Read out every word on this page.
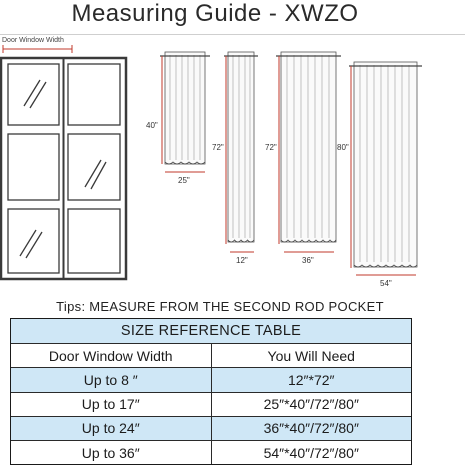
Measuring Guide - XWZO
Door Window Width
40"
25"
72"
12"
72"
36"
80"
54"
Tips: MEASURE FROM THE SECOND ROD POCKET
SIZE REFERENCE TABLE
Door Window Width	You Will Need
Up to 8 ″	12″*72″
Up to 17″	25″*40″/72″/80″
Up to 24″	36″*40″/72″/80″
Up to 36″	54″*40″/72″/80″
